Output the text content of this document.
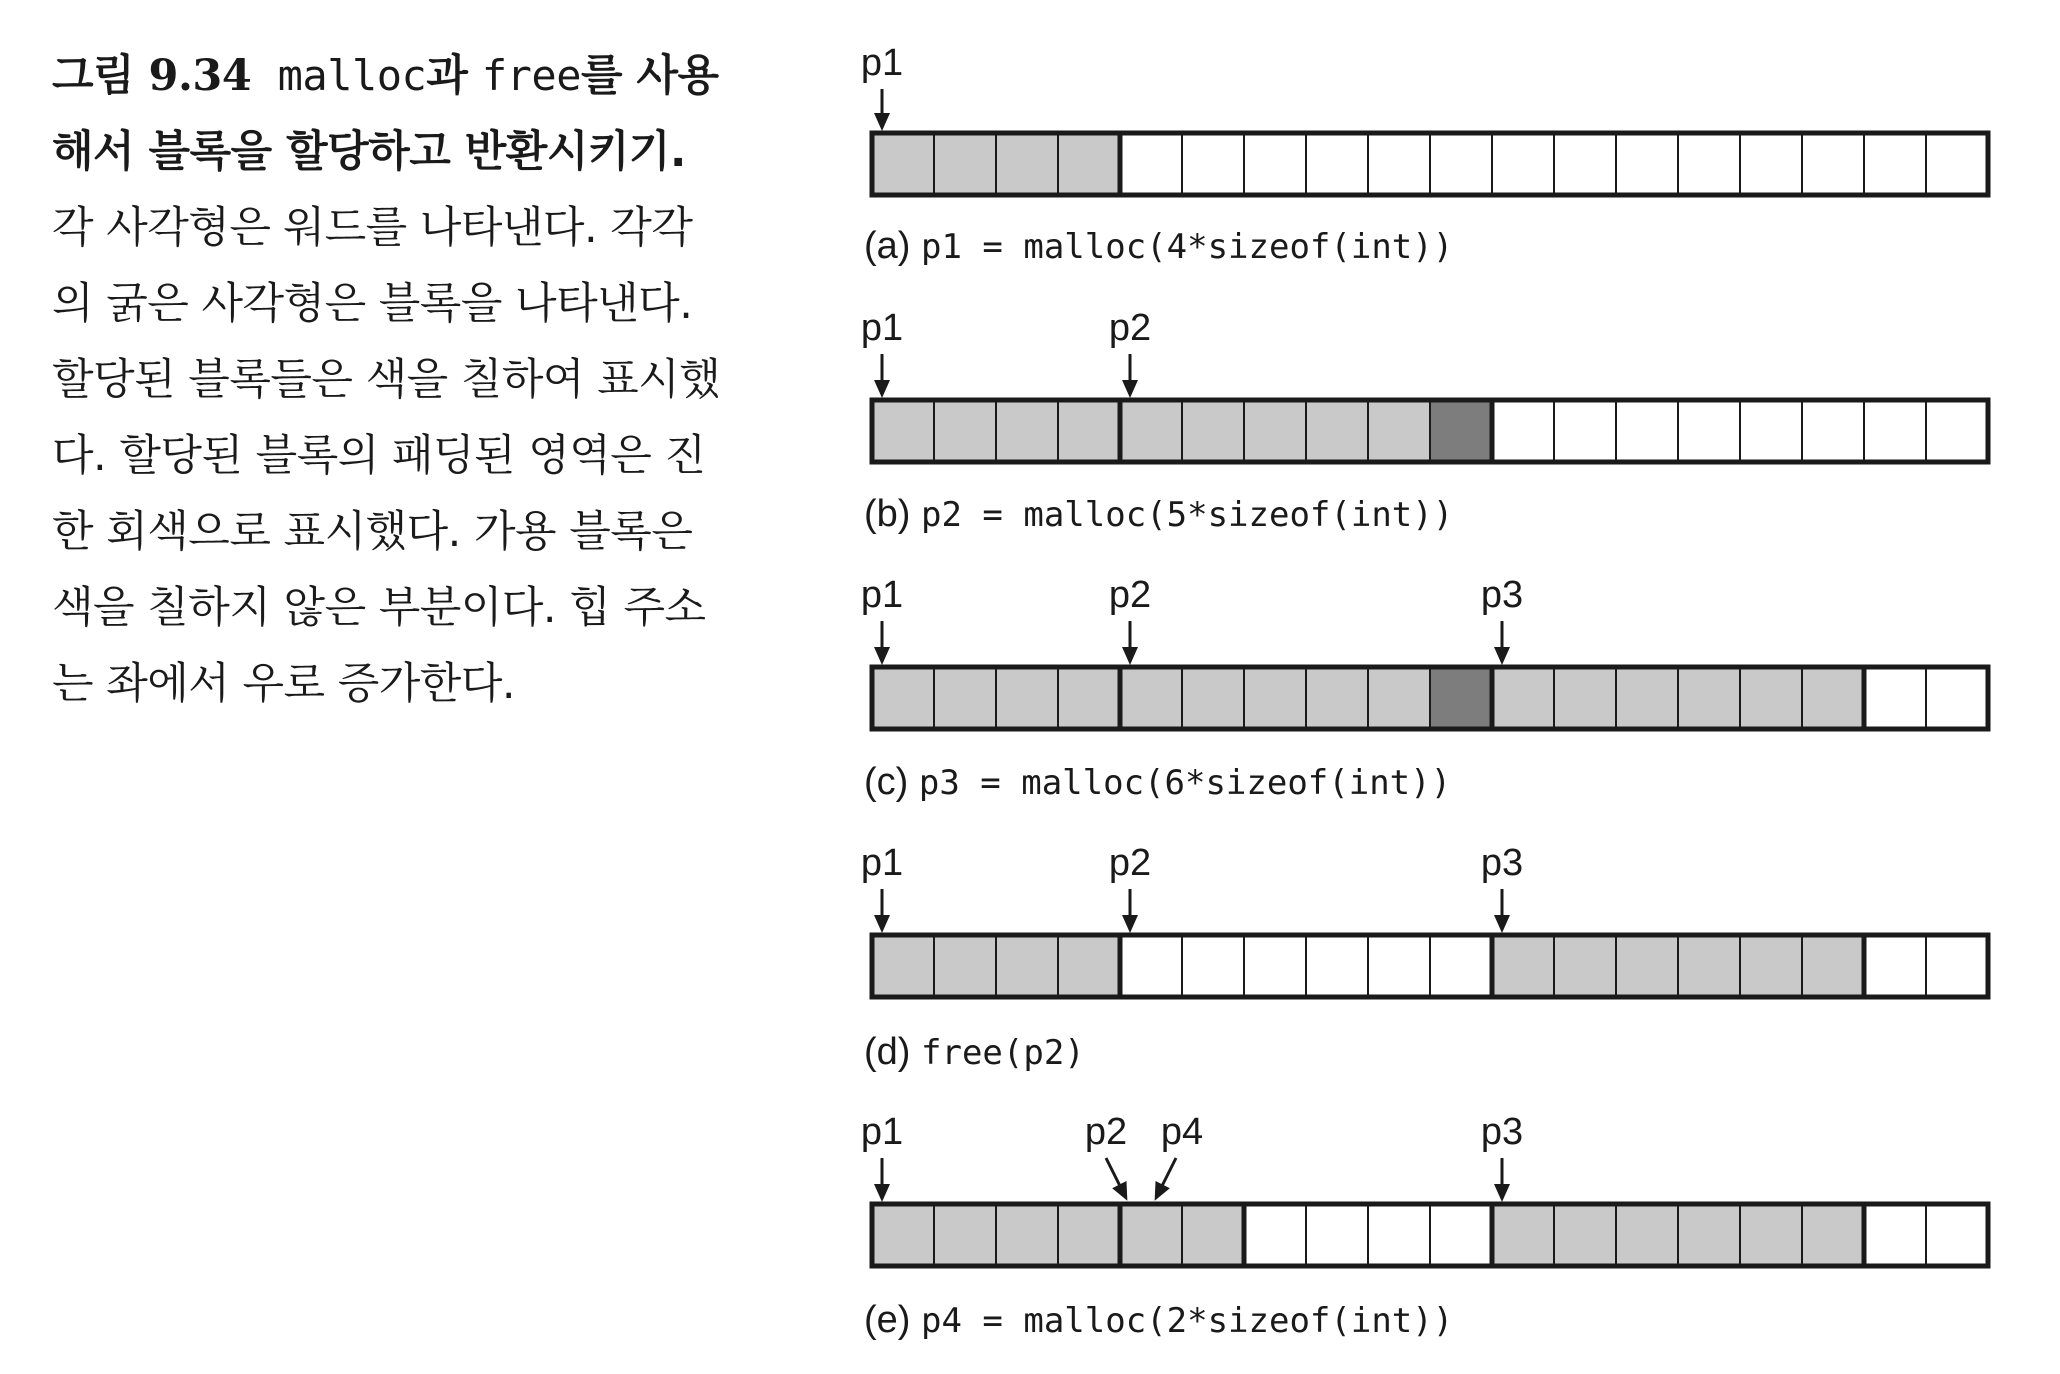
그림 9.34 malloc과 free를 사용해서 블록을 할당하고 반환시키기. 각 사각형은 워드를 나타낸다. 각각의 굵은 사각형은 블록을 나타낸다. 할당된 블록들은 색을 칠하여 표시했다. 할당된 블록의 패딩된 영역은 진한 회색으로 표시했다. 가용 블록은 색을 칠하지 않은 부분이다. 힙 주소는 좌에서 우로 증가한다.
p1
(a) p1 = malloc(4*sizeof(int))
p1	p2
(b) p2 = malloc(5*sizeof(int))
p1	p2	p3
(c) p3 = malloc(6*sizeof(int))
p1	p2	p3
(d) free(p2)
p1	p2 p4	p3
(e) p4 = malloc(2*sizeof(int))
